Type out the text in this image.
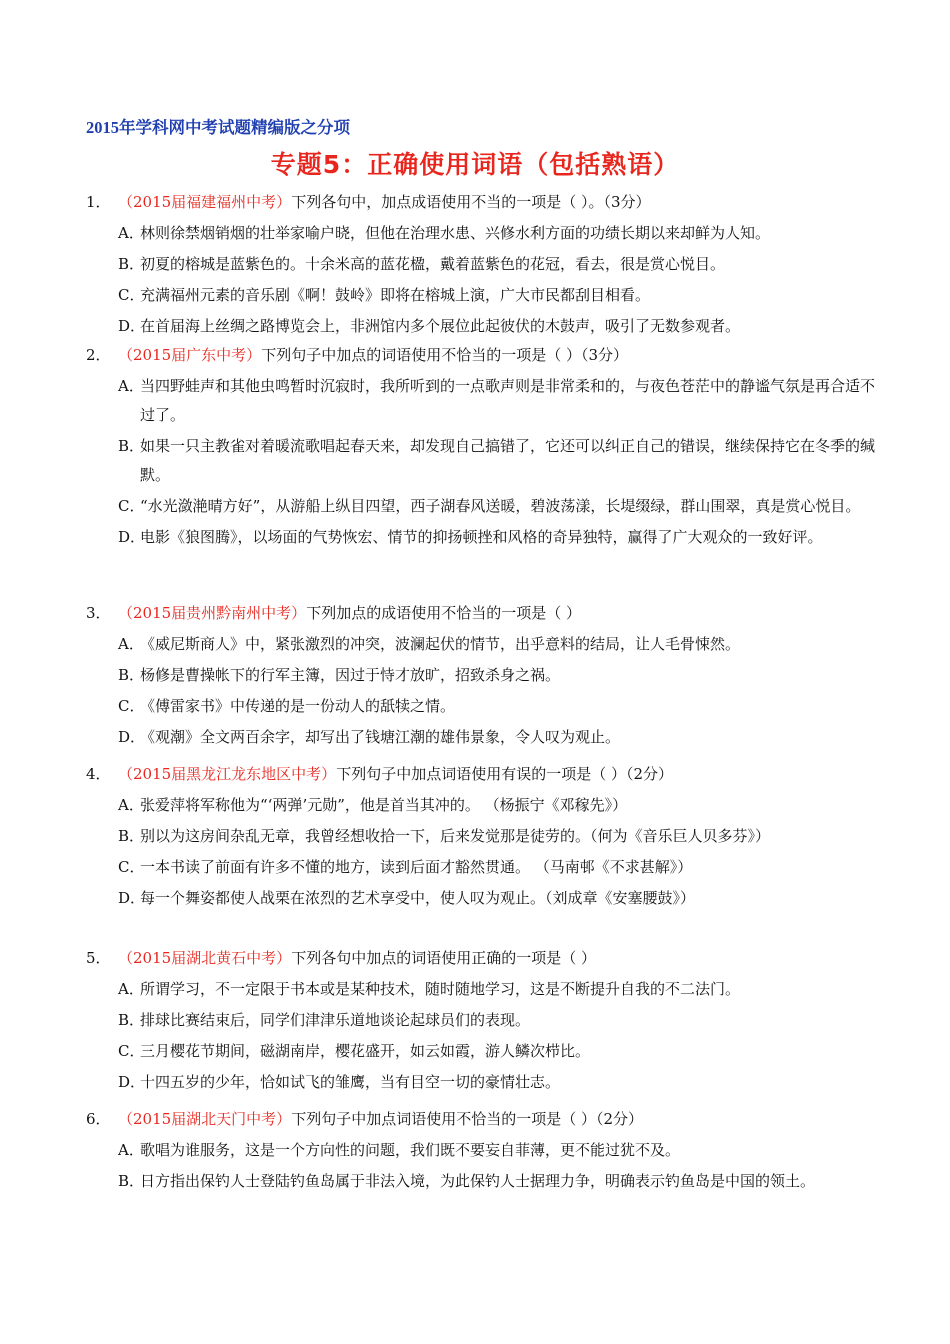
2015年学科网中考试题精编版之分项
专题5：正确使用词语（包括熟语）
1． （2015届福建福州中考）下列各句中，加点成语使用不当的一项是（ ）。（3分）
A．林则徐禁烟销烟的壮举家喻户晓，但他在治理水患、兴修水利方面的功绩长期以来却鲜为人知。
B．初夏的榕城是蓝紫色的。十余米高的蓝花楹，戴着蓝紫色的花冠，看去，很是赏心悦目。
C．充满福州元素的音乐剧《啊！鼓岭》即将在榕城上演，广大市民都刮目相看。
D．在首届海上丝绸之路博览会上，非洲馆内多个展位此起彼伏的木鼓声，吸引了无数参观者。
2． （2015届广东中考）下列句子中加点的词语使用不恰当的一项是（ ）（3分）
A．当四野蛙声和其他虫鸣暂时沉寂时，我所听到的一点歌声则是非常柔和的，与夜色苍茫中的静谧气氛是再合适不过了。
B．如果一只主教雀对着暖流歌唱起春天来，却发现自己搞错了，它还可以纠正自己的错误，继续保持它在冬季的缄默。
C．“水光潋滟晴方好”，从游船上纵目四望，西子湖春风送暖，碧波荡漾，长堤缀绿，群山围翠，真是赏心悦目。
D．电影《狼图腾》，以场面的气势恢宏、情节的抑扬顿挫和风格的奇异独特，赢得了广大观众的一致好评。
3． （2015届贵州黔南州中考）下列加点的成语使用不恰当的一项是（ ）
A．《威尼斯商人》中，紧张激烈的冲突，波澜起伏的情节，出乎意料的结局，让人毛骨悚然。
B．杨修是曹操帐下的行军主簿，因过于恃才放旷，招致杀身之祸。
C．《傅雷家书》中传递的是一份动人的舐犊之情。
D．《观潮》全文两百余字，却写出了钱塘江潮的雄伟景象，令人叹为观止。
4． （2015届黑龙江龙东地区中考）下列句子中加点词语使用有误的一项是（ ）（2分）
A．张爱萍将军称他为“‘两弹’元勋”，他是首当其冲的。 （杨振宁《邓稼先》）
B．别以为这房间杂乱无章，我曾经想收拾一下，后来发觉那是徒劳的。（何为《音乐巨人贝多芬》）
C．一本书读了前面有许多不懂的地方，读到后面才豁然贯通。 （马南邨《不求甚解》）
D．每一个舞姿都使人战栗在浓烈的艺术享受中，使人叹为观止。（刘成章《安塞腰鼓》）
5． （2015届湖北黄石中考）下列各句中加点的词语使用正确的一项是（ ）
A．所谓学习，不一定限于书本或是某种技术，随时随地学习，这是不断提升自我的不二法门。
B．排球比赛结束后，同学们津津乐道地谈论起球员们的表现。
C．三月樱花节期间，磁湖南岸，樱花盛开，如云如霞，游人鳞次栉比。
D．十四五岁的少年，恰如试飞的雏鹰，当有目空一切的豪情壮志。
6． （2015届湖北天门中考）下列句子中加点词语使用不恰当的一项是（ ）（2分）
A．歌唱为谁服务，这是一个方向性的问题，我们既不要妄自菲薄，更不能过犹不及。
B．日方指出保钓人士登陆钓鱼岛属于非法入境，为此保钓人士据理力争，明确表示钓鱼岛是中国的领土。
